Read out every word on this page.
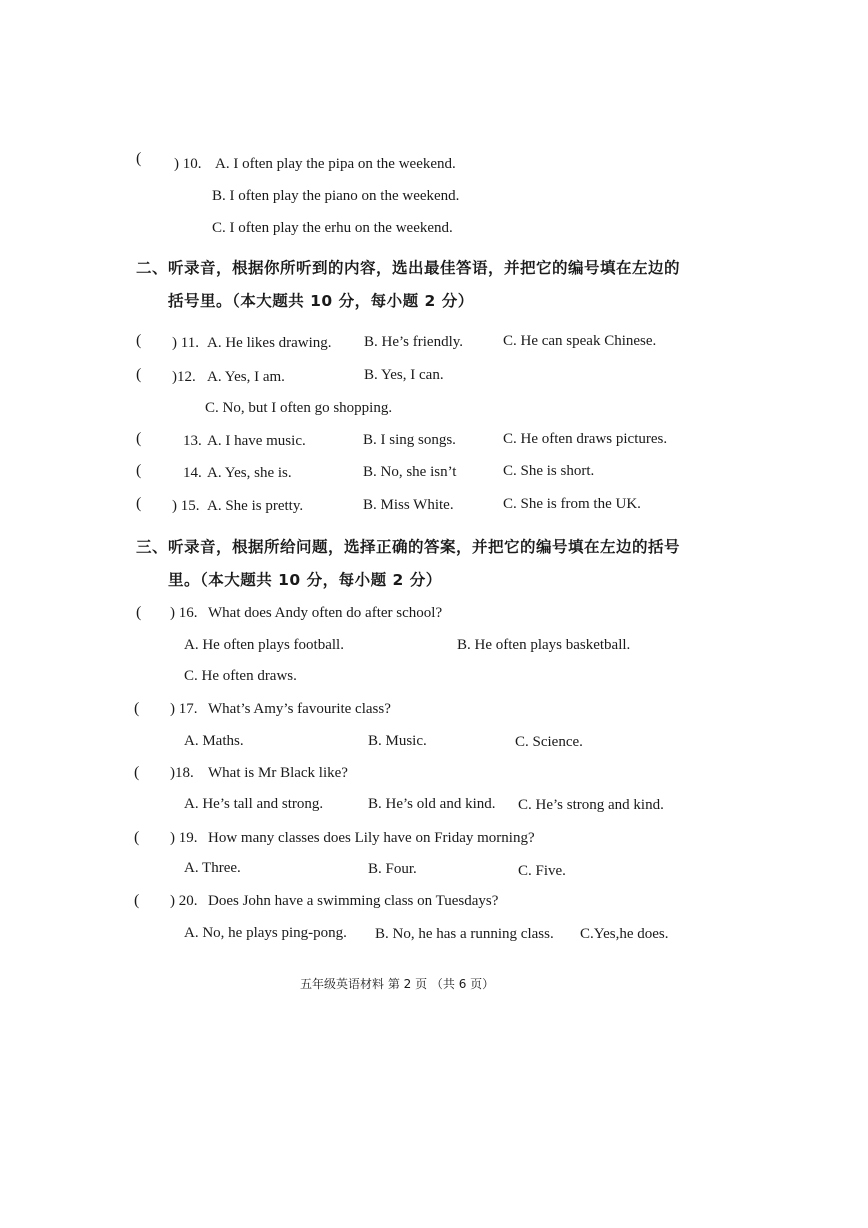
( ) 10. A. I often play the pipa on the weekend.
B. I often play the piano on the weekend.
C. I often play the erhu on the weekend.
二、听录音，根据你所听到的内容，选出最佳答语，并把它的编号填在左边的
括号里。（本大题共 10 分，每小题 2 分）
( ) 11. A. He likes drawing. B. He’s friendly.	C. He can speak Chinese.
( )12. A. Yes, I am.	B. Yes, I can.
C. No, but I often go shopping.
(	13. A. I have music.	B. I sing songs.	C. He often draws pictures.
(	14. A. Yes, she is.	B. No, she isn’t	C. She is short.
( ) 15. A. She is pretty.	B. Miss White.	C. She is from the UK.
三、听录音，根据所给问题，选择正确的答案，并把它的编号填在左边的括号
里。（本大题共 10 分，每小题 2 分）
( ) 16. What does Andy often do after school?
A. He often plays football.	B. He often plays basketball.
C. He often draws.
( ) 17. What’s Amy’s favourite class?
A. Maths.	B. Music.	C. Science.
( )18. What is Mr Black like?
A. He’s tall and strong.	B. He’s old and kind. C. He’s strong and kind.
( ) 19. How many classes does Lily have on Friday morning?
A. Three.	B. Four.	C. Five.
( ) 20. Does John have a swimming class on Tuesdays?
A. No, he plays ping-pong. B. No, he has a running class. C.Yes,he does.
五年级英语材料 第 2 页 （共 6 页）
